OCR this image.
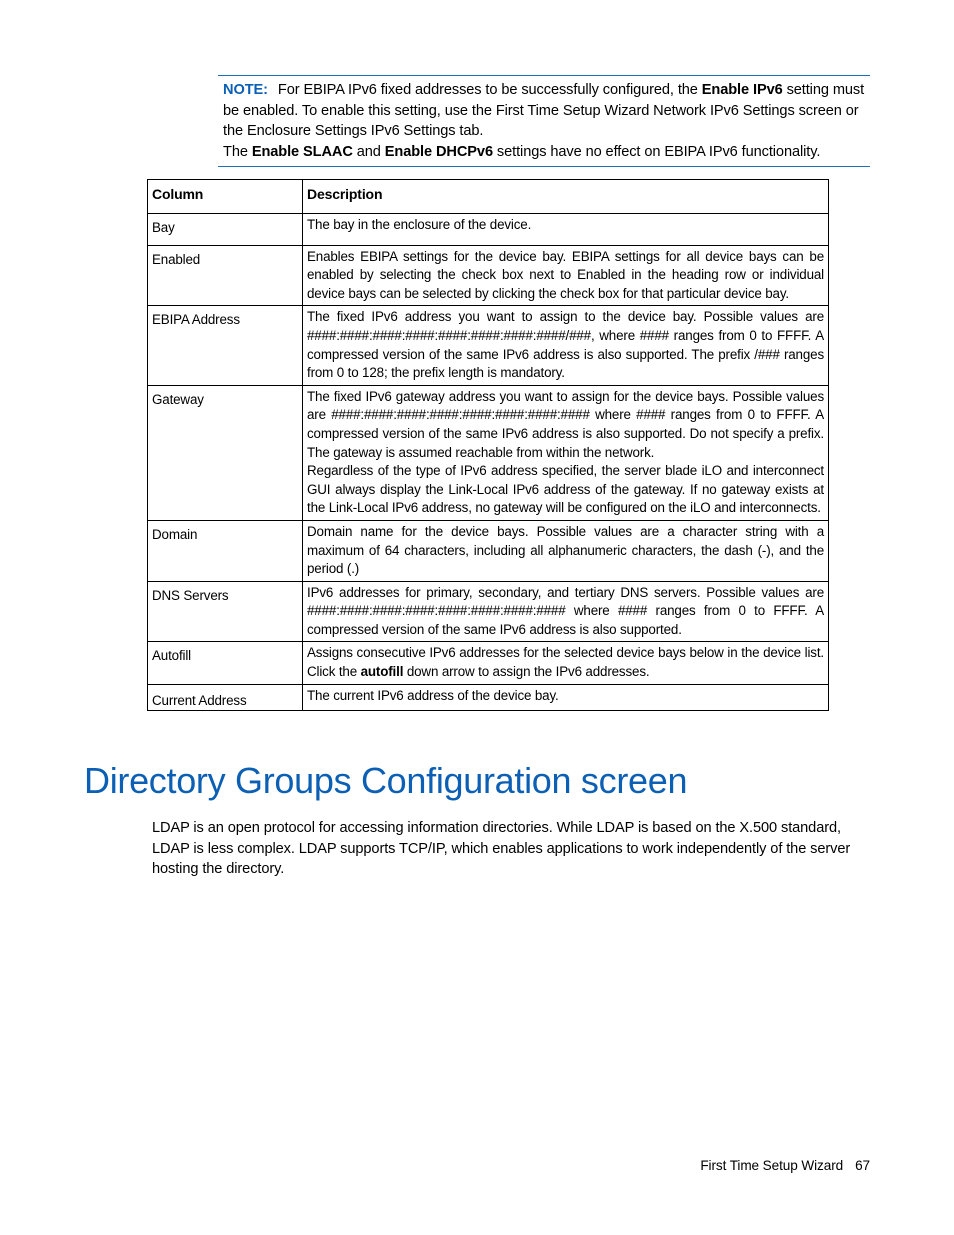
NOTE: For EBIPA IPv6 fixed addresses to be successfully configured, the Enable IPv6 setting must be enabled. To enable this setting, use the First Time Setup Wizard Network IPv6 Settings screen or the Enclosure Settings IPv6 Settings tab.

The Enable SLAAC and Enable DHCPv6 settings have no effect on EBIPA IPv6 functionality.

Column	Description
Bay	The bay in the enclosure of the device.
Enabled	Enables EBIPA settings for the device bay. EBIPA settings for all device bays can be enabled by selecting the check box next to Enabled in the heading row or individual device bays can be selected by clicking the check box for that particular device bay.
EBIPA Address	The fixed IPv6 address you want to assign to the device bay. Possible values are ####:####:####:####:####:####:####:####/###, where #### ranges from 0 to FFFF. A compressed version of the same IPv6 address is also supported. The prefix /### ranges from 0 to 128; the prefix length is mandatory.
Gateway	The fixed IPv6 gateway address you want to assign for the device bays. Possible values are ####:####:####:####:####:####:####:#### where #### ranges from 0 to FFFF. A compressed version of the same IPv6 address is also supported. Do not specify a prefix. The gateway is assumed reachable from within the network.
Regardless of the type of IPv6 address specified, the server blade iLO and interconnect GUI always display the Link-Local IPv6 address of the gateway. If no gateway exists at the Link-Local IPv6 address, no gateway will be configured on the iLO and interconnects.

Domain	Domain name for the device bays. Possible values are a character string with a maximum of 64 characters, including all alphanumeric characters, the dash (-), and the period (.)
DNS Servers	IPv6 addresses for primary, secondary, and tertiary DNS servers. Possible values are ####:####:####:####:####:####:####:#### where #### ranges from 0 to FFFF. A compressed version of the same IPv6 address is also supported.
Autofill	Assigns consecutive IPv6 addresses for the selected device bays below in the device list. Click the autofill down arrow to assign the IPv6 addresses.
Current Address	The current IPv6 address of the device bay.
Directory Groups Configuration screen

LDAP is an open protocol for accessing information directories. While LDAP is based on the X.500 standard, LDAP is less complex. LDAP supports TCP/IP, which enables applications to work independently of the server hosting the directory.

First Time Setup Wizard 67
